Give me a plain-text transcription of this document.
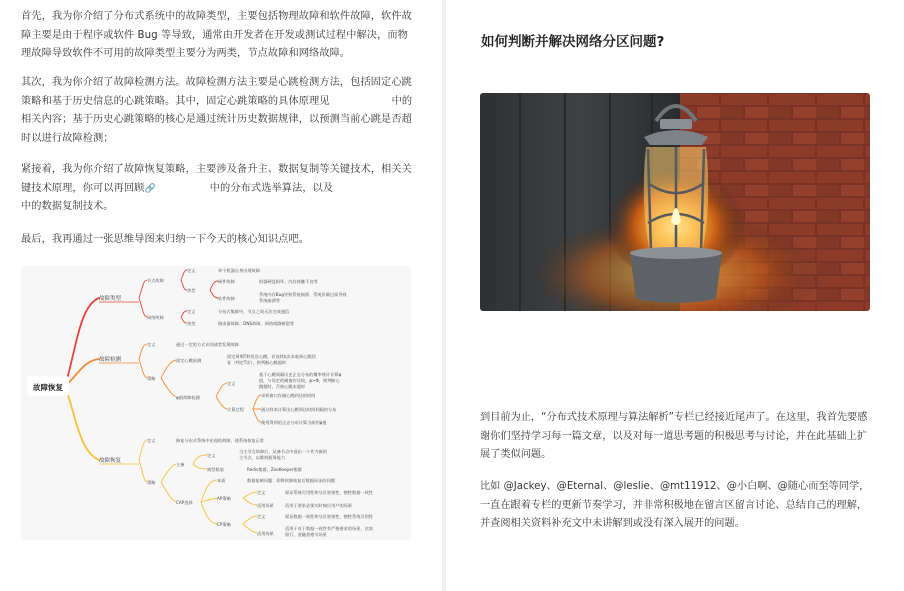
首先，我为你介绍了分布式系统中的故障类型，主要包括物理故障和软件故障，软件故障主要是由于程序或软件 Bug 等导致，通常由开发者在开发或测试过程中解决，而物理故障导致软件不可用的故障类型主要分为两类，节点故障和网络故障。

其次，我为你介绍了故障检测方法。故障检测方法主要是心跳检测方法，包括固定心跳策略和基于历史信息的心跳策略。其中，固定心跳策略的具体原理见	中的相关内容；基于历史心跳策略的核心是通过统计历史数据规律，以预测当前心跳是否超时以进行故障检测；

紧接着，我为你介绍了故障恢复策略，主要涉及备升主、数据复制等关键技术，相关关键技术原理，你可以再回顾🔗	中的分布式选举算法，以及中的数据复制技术。

最后，我再通过一张思维导图来归纳一下今天的核心知识点吧。

故障恢复
故障类型
故障检测
故障恢复
节点故障
定义	单个机器自身出现故障
类型
硬件故障	机器硬盘损坏、内存接触不良等
软件故障
系统内存Bug导致系统崩溃、系统负载过高导致
系统崩溃等
网络故障
定义	分布式集群中，节点之间无法完成通信
类型	路由器故障、DNS故障、网络线路断裂等
定义	通过一定的方式识别或者发现故障
策略
固定心跳检测
固定周期T秒发送心跳，若连续k次未收到心跳回
复（判定T次），则判断心跳超时
φ值故障检测
定义
基于心跳间隔历史正态分布的概率统计计算φ
值，与设定的阈值作比较，φ>Φ，则判断心
跳超时，否则心跳未超时
计算过程
采样窗口存储心跳到达的时间
通过样本计算出心跳到达时间间隔的分布
使用得到的正态分布计算当前的φ值
定义	修复分布式系统中出现的故障，使系统恢复正常
策略
主备
定义
当主节点故障后，从备节点中选出一个作为新的
主节点，以维持服务能力
典型框架	Redis集群，ZooKeeper集群
CAP选择
本质	数据复制问题：即将故障恢复后数据同步的问题
AP策略
定义	保证系统可用性和分区容错性，牺牲数据一致性
适用场景	适用于要求必须实时响应用户的场景
CP策略
定义	保证数据一致性和分区容错性，牺牲系统可用性
适用场景
适用于对于数据一致性有严格要求的场景，比如
银行、金融类相关场景
如何判断并解决网络分区问题?

到目前为止，“分布式技术原理与算法解析”专栏已经接近尾声了。在这里，我首先要感谢你们坚持学习每一篇文章，以及对每一道思考题的积极思考与讨论，并在此基础上扩展了类似问题。

比如 @Jackey、@Eternal、@leslie、@mt11912、@小白啊、@随心而至等同学，一直在跟着专栏的更新节奏学习，并非常积极地在留言区留言讨论、总结自己的理解，并查阅相关资料补充文中未讲解到或没有深入展开的问题。
